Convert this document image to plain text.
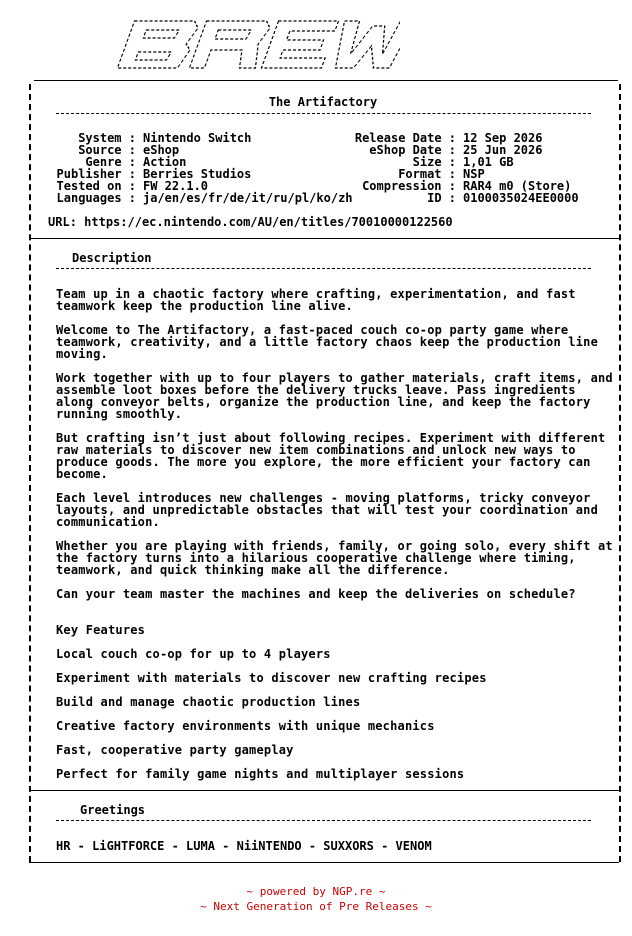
The Artifactory
System : Nintendo Switch
Source : eShop
Genre : Action
Publisher : Berries Studios
Tested on : FW 22.1.0
Languages : ja/en/es/fr/de/it/ru/pl/ko/zh
Release Date : 12 Sep 2026
eShop Date : 25 Jun 2026
Size : 1,01 GB
Format : NSP
Compression : RAR4 m0 (Store)
ID : 0100035024EE0000
URL: https://ec.nintendo.com/AU/en/titles/70010000122560
Description
Team up in a chaotic factory where crafting, experimentation, and fast teamwork keep the production line alive.
Welcome to The Artifactory, a fast-paced couch co-op party game where teamwork, creativity, and a little factory chaos keep the production line moving.
Work together with up to four players to gather materials, craft items, and assemble loot boxes before the delivery trucks leave. Pass ingredients along conveyor belts, organize the production line, and keep the factory running smoothly.
But crafting isn’t just about following recipes. Experiment with different raw materials to discover new item combinations and unlock new ways to produce goods. The more you explore, the more efficient your factory can become.
Each level introduces new challenges - moving platforms, tricky conveyor layouts, and unpredictable obstacles that will test your coordination and communication.
Whether you are playing with friends, family, or going solo, every shift at the factory turns into a hilarious cooperative challenge where timing, teamwork, and quick thinking make all the difference.
Can your team master the machines and keep the deliveries on schedule?
Key Features
Local couch co-op for up to 4 players
Experiment with materials to discover new crafting recipes
Build and manage chaotic production lines
Creative factory environments with unique mechanics
Fast, cooperative party gameplay
Perfect for family game nights and multiplayer sessions
Greetings
HR - LiGHTFORCE - LUMA - NiiNTENDO - SUXXORS - VENOM
~ powered by NGP.re ~
~ Next Generation of Pre Releases ~
